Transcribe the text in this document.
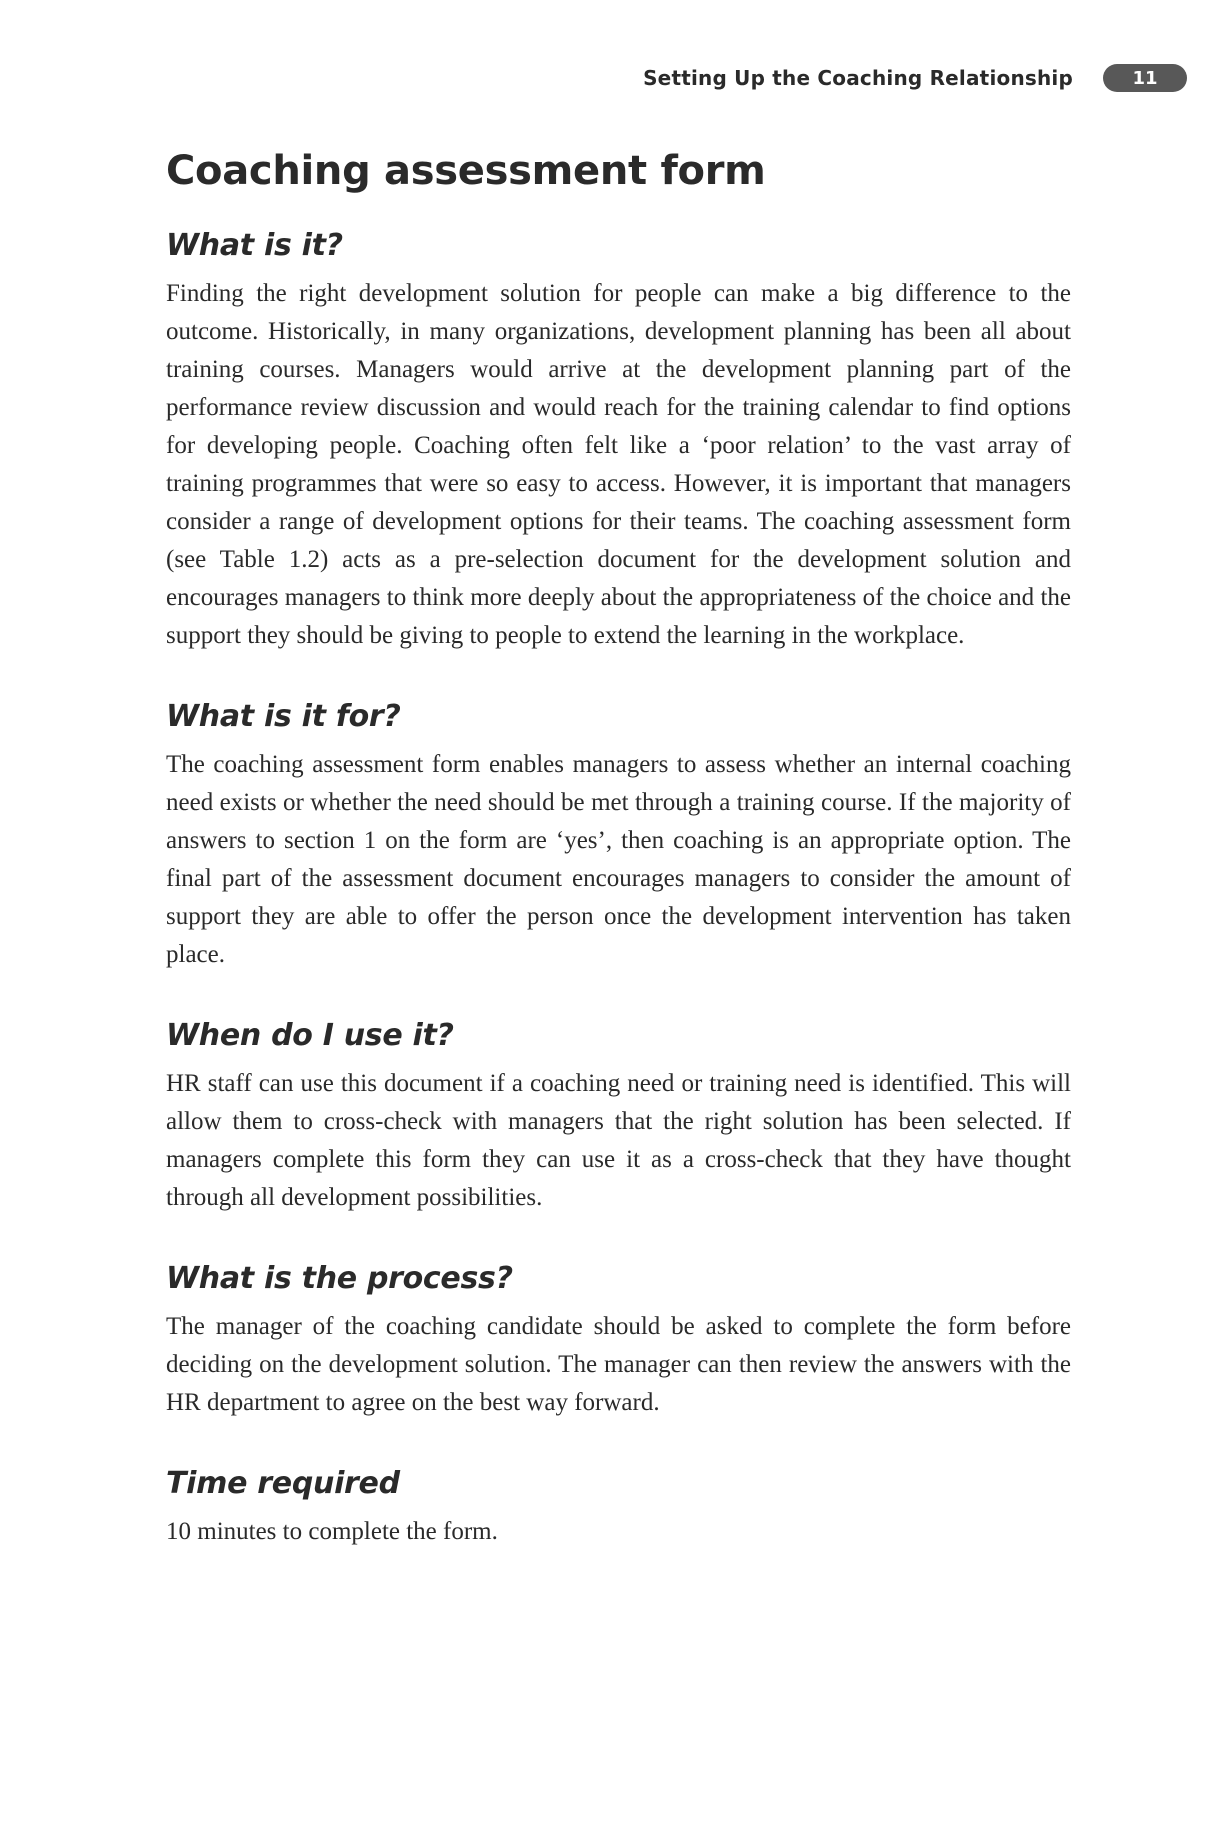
Setting Up the Coaching Relationship	11
Coaching assessment form
What is it?

Finding the right development solution for people can make a big difference to the outcome. Historically, in many organizations, development planning has been all about training courses. Managers would arrive at the development planning part of the performance review discussion and would reach for the training calendar to find options for developing people. Coaching often felt like a ‘poor relation’ to the vast array of training programmes that were so easy to access. However, it is important that managers consider a range of development options for their teams. The coaching assessment form (see Table 1.2) acts as a pre-selection document for the development solution and encourages managers to think more deeply about the appropriateness of the choice and the support they should be giving to people to extend the learning in the workplace.

What is it for?

The coaching assessment form enables managers to assess whether an internal coaching need exists or whether the need should be met through a training course. If the majority of answers to section 1 on the form are ‘yes’, then coaching is an appropriate option. The final part of the assessment document encourages managers to consider the amount of support they are able to offer the person once the development intervention has taken place.

When do I use it?

HR staff can use this document if a coaching need or training need is identified. This will allow them to cross-check with managers that the right solution has been selected. If managers complete this form they can use it as a cross-check that they have thought through all development possibilities.

What is the process?

The manager of the coaching candidate should be asked to complete the form before deciding on the development solution. The manager can then review the answers with the HR department to agree on the best way forward.

Time required

10 minutes to complete the form.
